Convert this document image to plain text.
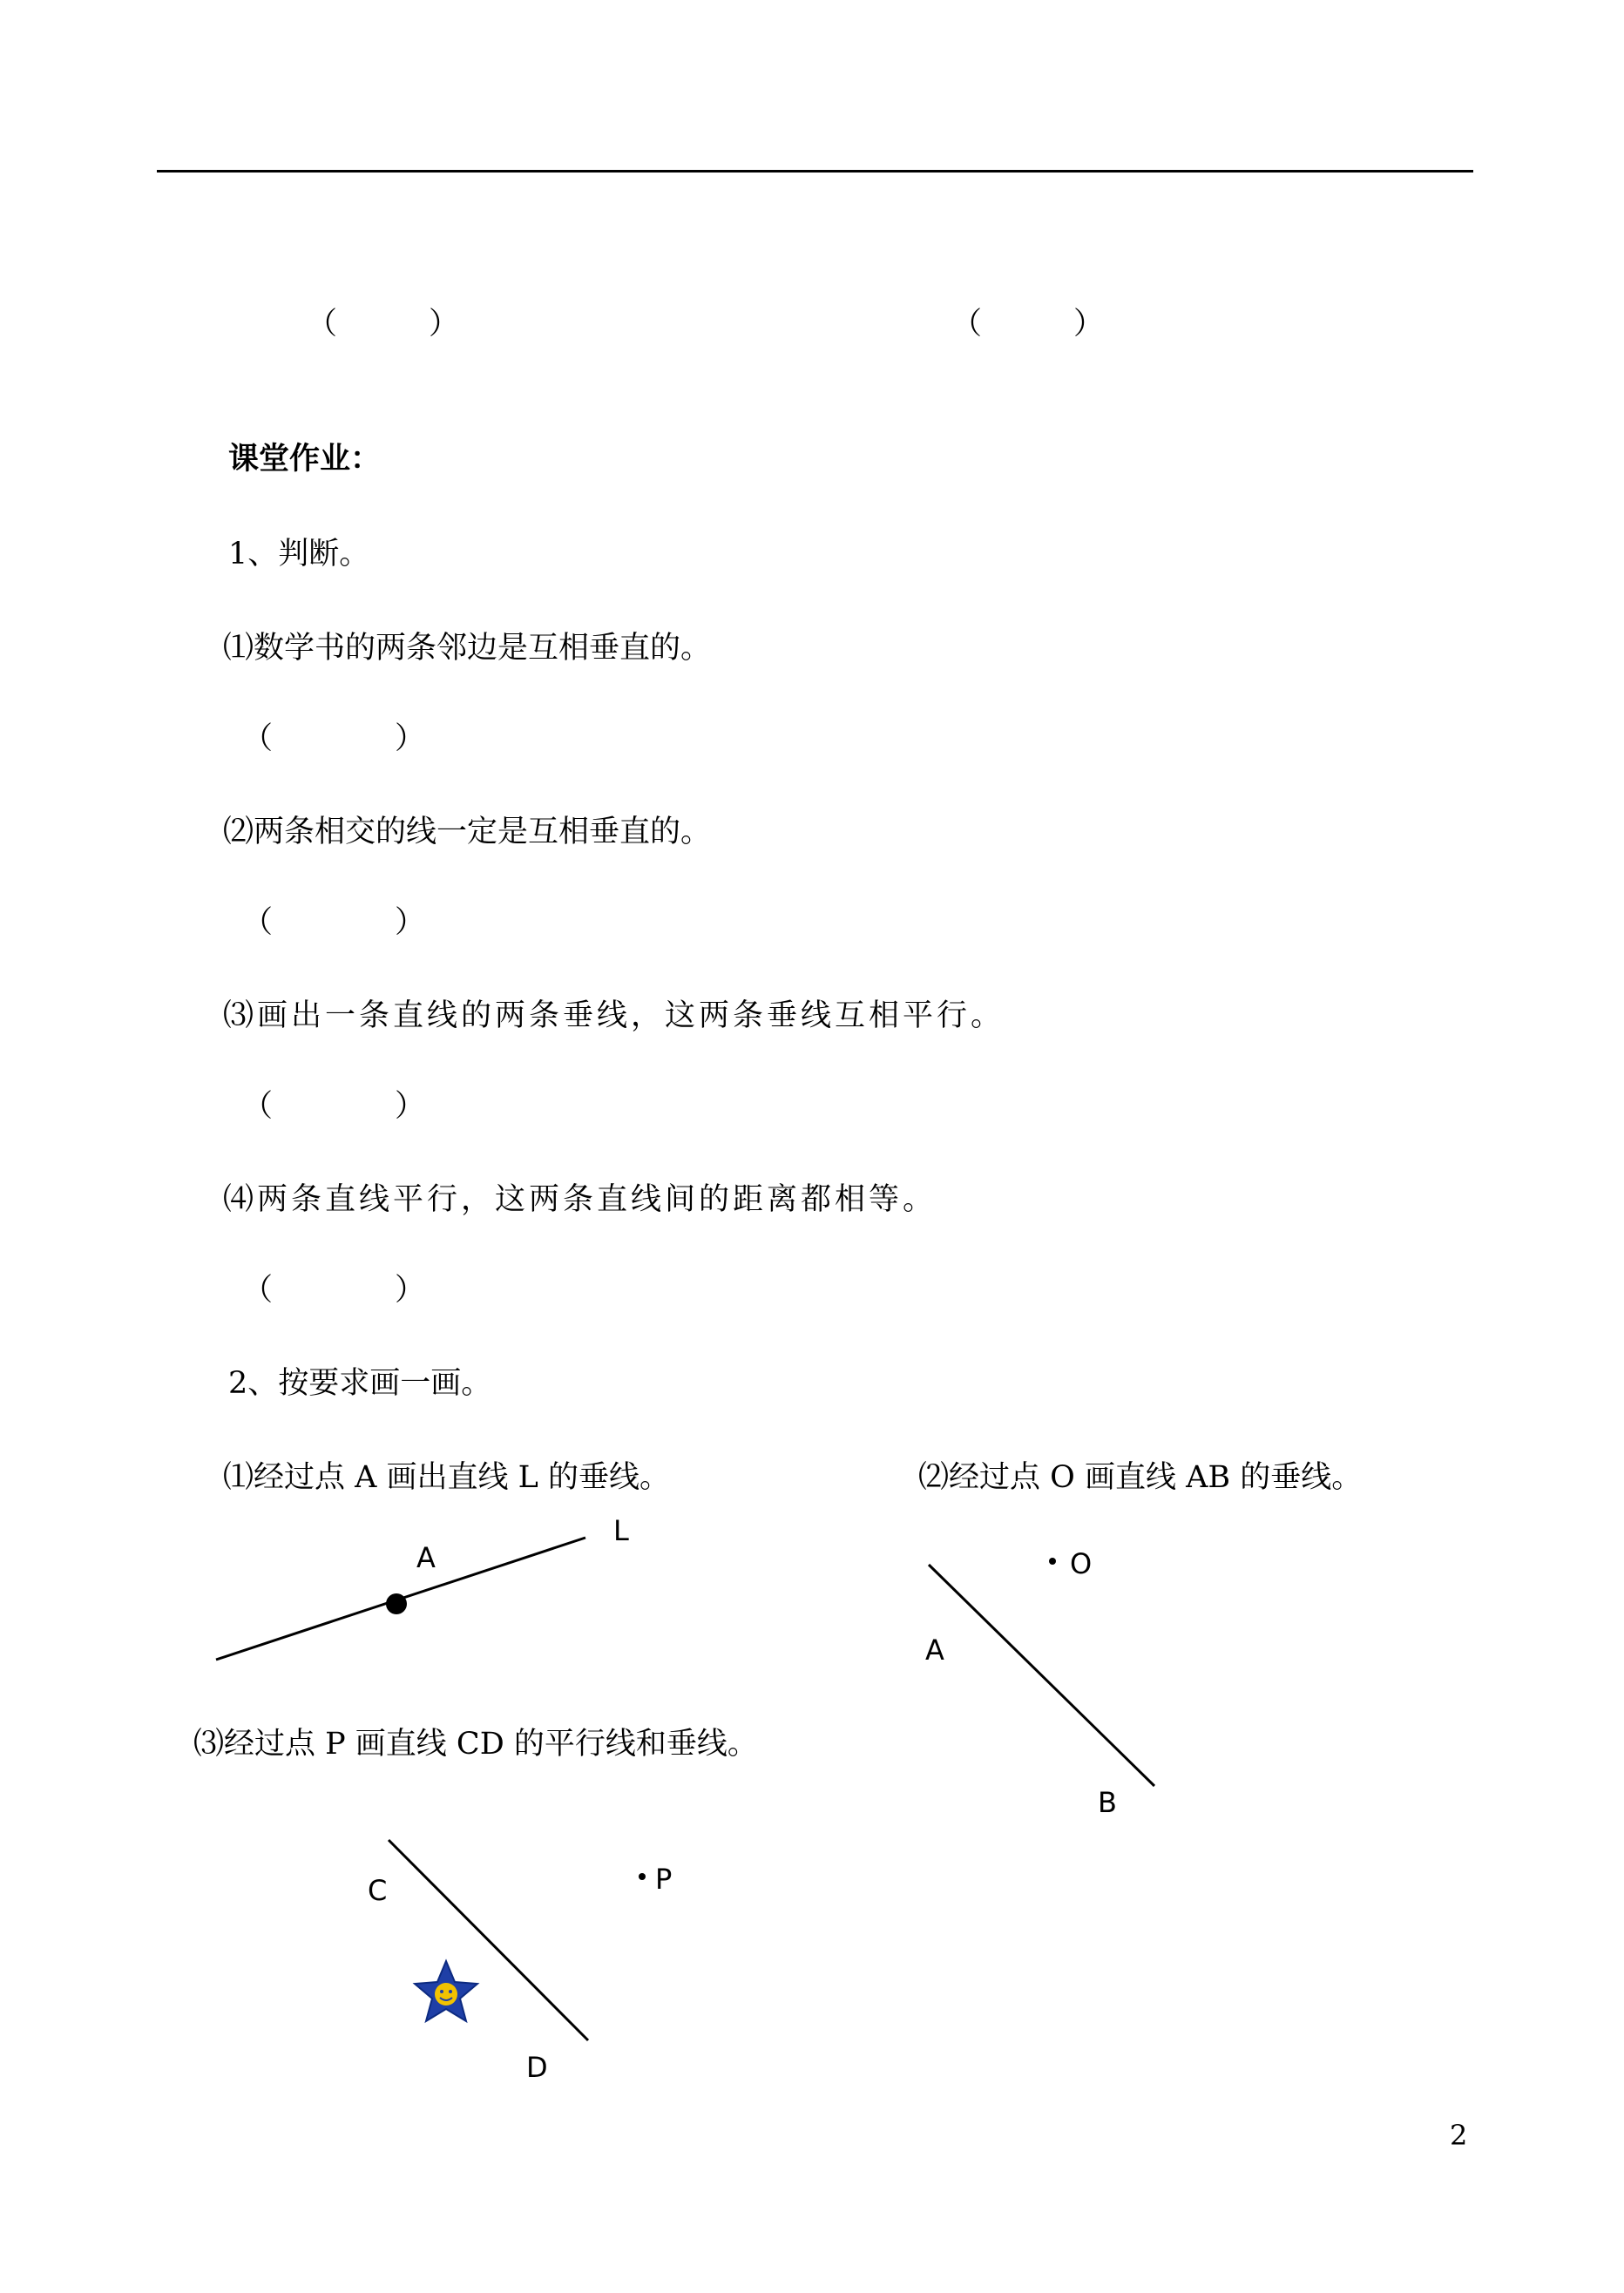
（　　　）	（　　　）
课堂作业：
1、判断。
⑴数学书的两条邻边是互相垂直的。
（　　　　）
⑵两条相交的线一定是互相垂直的。
（　　　　）
⑶画出一条直线的两条垂线，这两条垂线互相平行。
（　　　　）
⑷两条直线平行，这两条直线间的距离都相等。
（　　　　）
2、按要求画一画。
⑴经过点 A 画出直线 L 的垂线。	⑵经过点 O 画直线 AB 的垂线。
⑶经过点 P 画直线 CD 的平行线和垂线。
A
L
O
A
B
P
C
D
2
